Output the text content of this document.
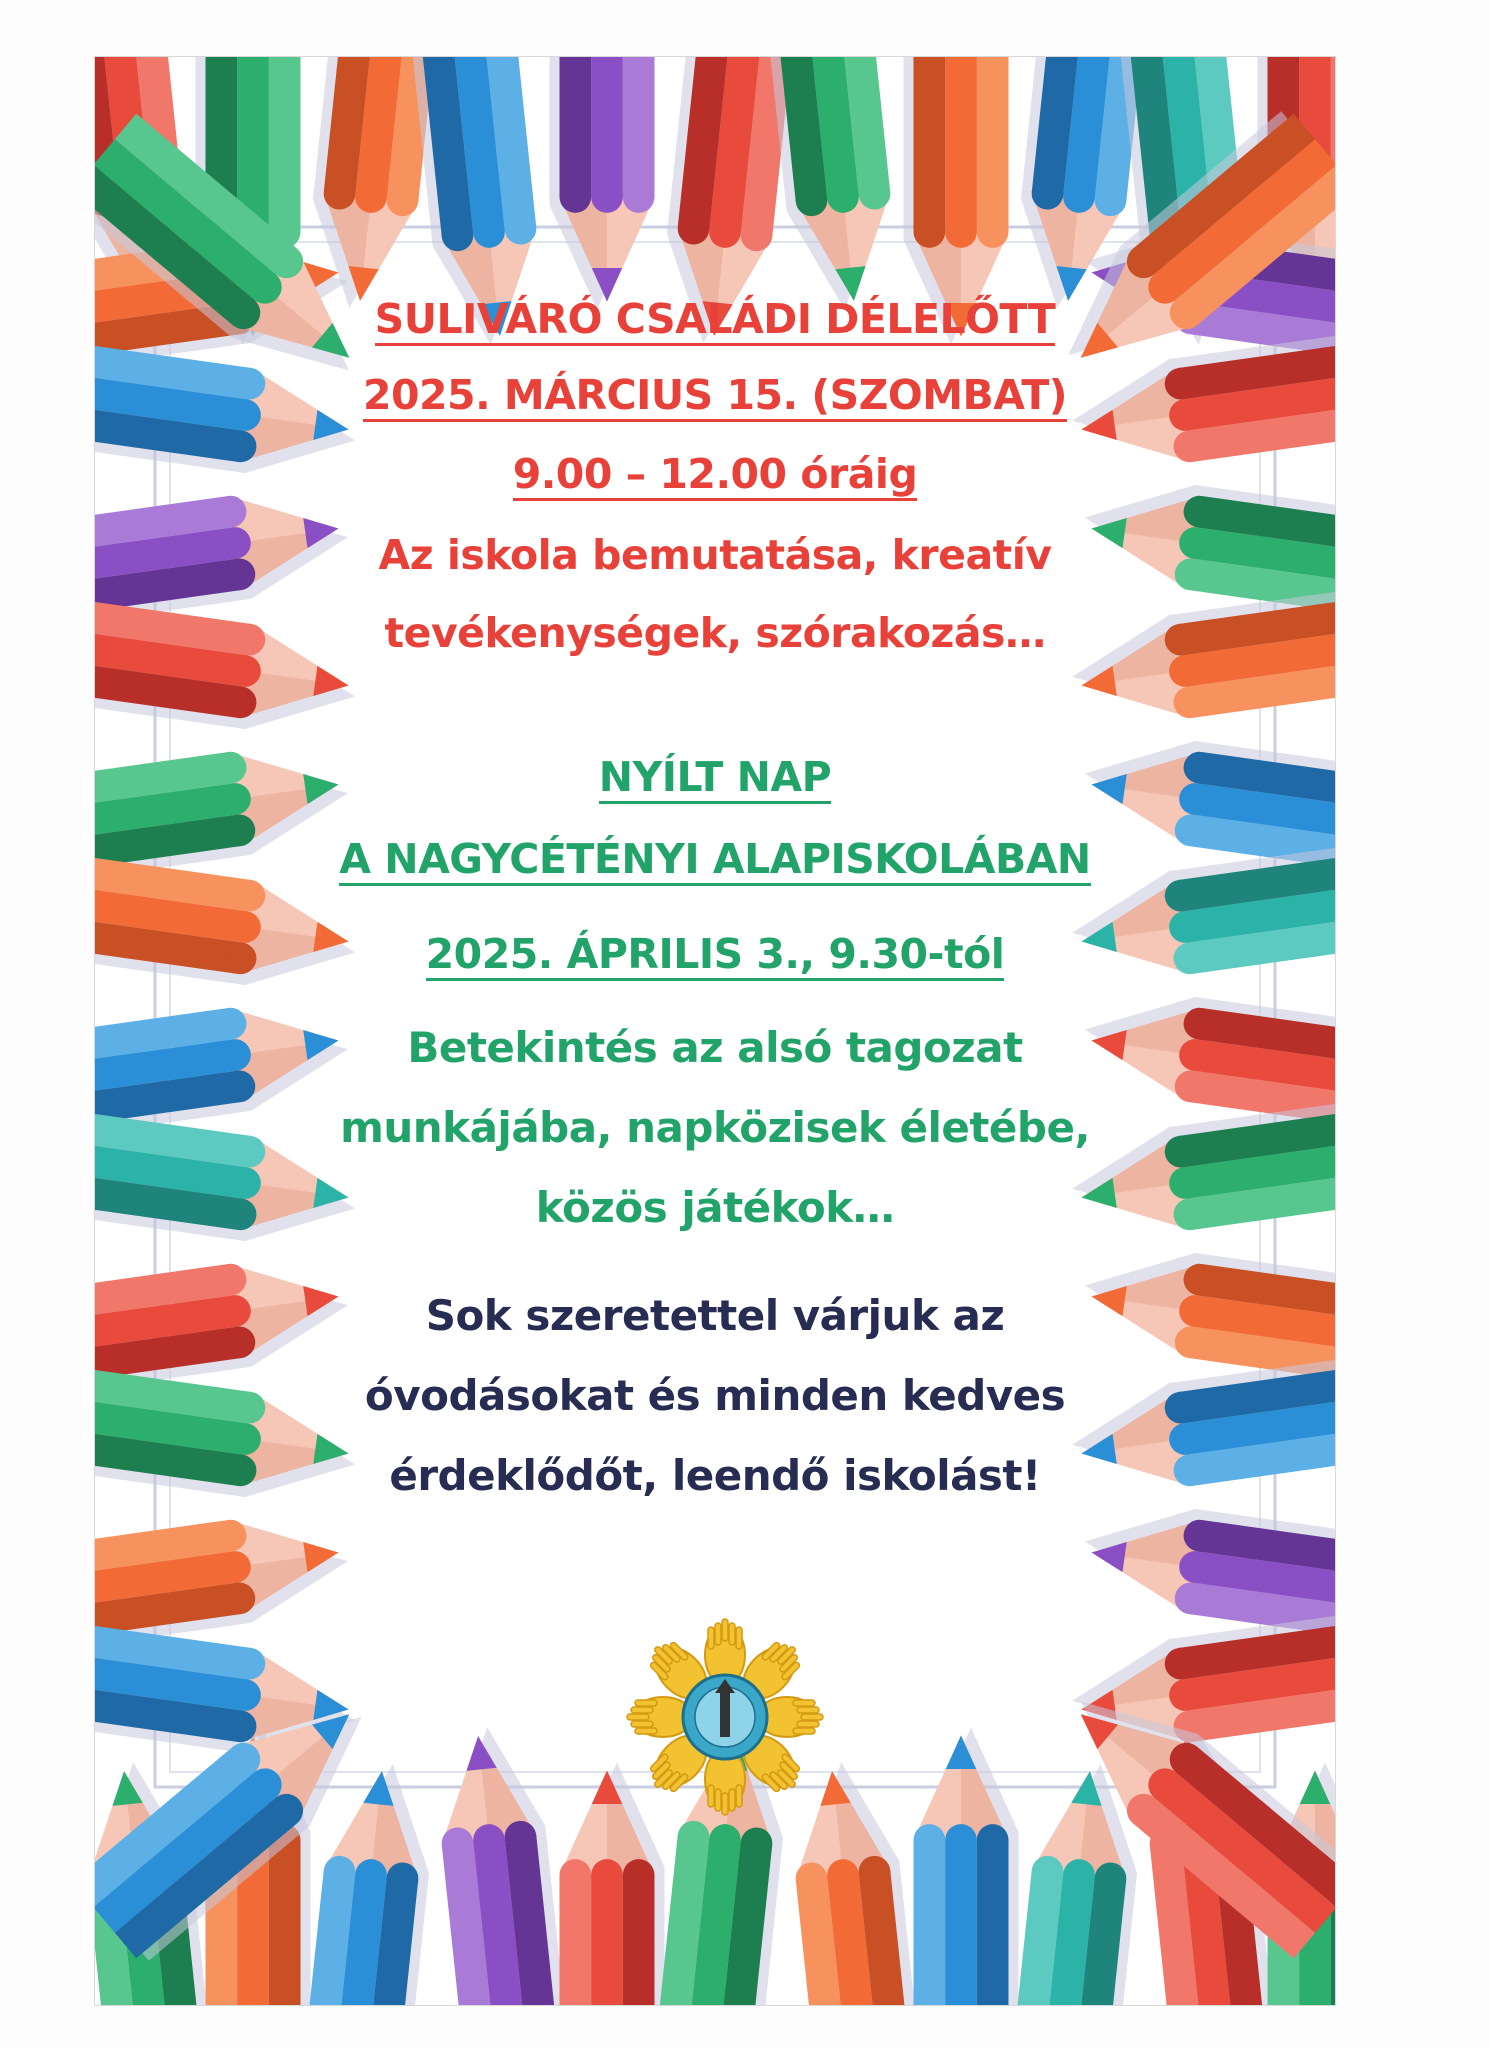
SULIVÁRÓ CSALÁDI DÉLELŐTT
2025. MÁRCIUS 15. (SZOMBAT)
9.00 – 12.00 óráig
Az iskola bemutatása, kreatív
tevékenységek, szórakozás…
NYÍLT NAP
A NAGYCÉTÉNYI ALAPISKOLÁBAN
2025. ÁPRILIS 3., 9.30-tól
Betekintés az alsó tagozat
munkájába, napközisek életébe,
közös játékok…
Sok szeretettel várjuk az
óvodásokat és minden kedves
érdeklődőt, leendő iskolást!
